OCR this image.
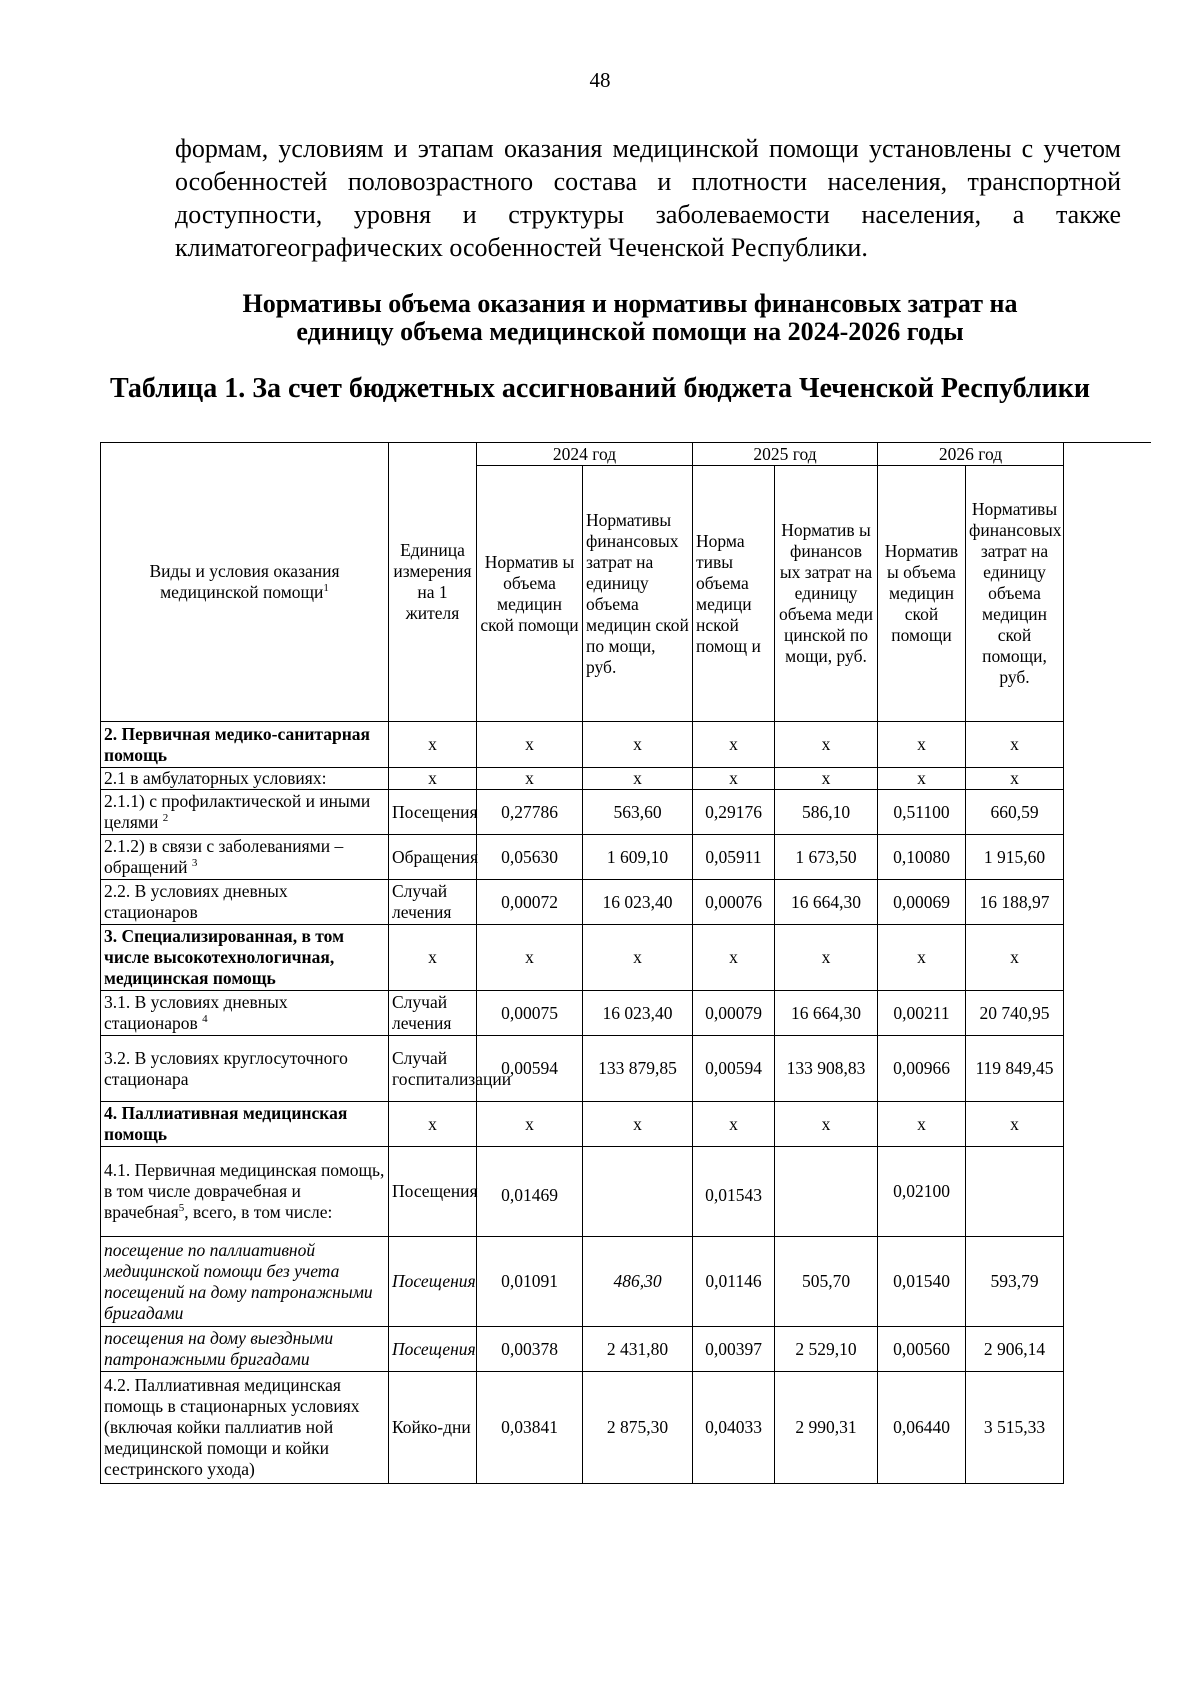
48
формам, условиям и этапам оказания медицинской помощи установлены с учетом особенностей половозрастного состава и плотности населения, транспортной доступности, уровня и структуры заболеваемости населения, а также климатогеографических особенностей Чеченской Республики.
Нормативы объема оказания и нормативы финансовых затрат на
единицу объема медицинской помощи на 2024-2026 годы
Таблица 1. За счет бюджетных ассигнований бюджета Чеченской Республики
Виды и условия оказания медицинской помощи$^1$	Единица измерения на 1 жителя	2024 год		2025 год		2026 год		
		Норматив ы объема медицин ской помощи	Нормативы финансовых затрат на единицу объема медицин ской по мощи, руб.	Норма тивы объема медици нской помощ и	Норматив ы финансов ых затрат на единицу объема меди цинской по мощи, руб.	Норматив ы объема медицин ской помощи	Нормативы финансовых затрат на единицу объема медицин ской помощи, руб.	
2. Первичная медико-санитарная помощь	х	х	х	х	х	х	х	
2.1 в амбулаторных условиях:	х	х	х	х	х	х	х	
2.1.1) с профилактической и иными целями $^2$	Посещения	0,27786	563,60	0,29176	586,10	0,51100	660,59	
2.1.2) в связи с заболеваниями – обращений $^3$	Обращения	0,05630	1 609,10	0,05911	1 673,50	0,10080	1 915,60	
2.2. В условиях дневных стационаров	Случай лечения	0,00072	16 023,40	0,00076	16 664,30	0,00069	16 188,97	
3. Специализированная, в том числе высокотехнологичная, медицинская помощь	х	х	х	х	х	х	х	
3.1. В условиях дневных стационаров $^4$	Случай лечения	0,00075	16 023,40	0,00079	16 664,30	0,00211	20 740,95	
3.2. В условиях круглосуточного стационара	Случай госпитализации	0,00594	133 879,85	0,00594	133 908,83	0,00966	119 849,45	
4. Паллиативная медицинская помощь	х	х	х	х	х	х	х	
4.1. Первичная медицинская помощь, в том числе доврачебная и врачебная$^5$, всего, в том числе:	Посещения	0,01469		0,01543		0,02100		
посещение по паллиативной медицинской помощи без учета посещений на дому патронажными бригадами	Посещения	0,01091	486,30	0,01146	505,70	0,01540	593,79	
посещения на дому выездными патронажными бригадами	Посещения	0,00378	2 431,80	0,00397	2 529,10	0,00560	2 906,14	
4.2. Паллиативная медицинская помощь в стационарных условиях (включая койки паллиатив ной медицинской помощи и койки сестринского ухода)	Койко-дни	0,03841	2 875,30	0,04033	2 990,31	0,06440	3 515,33	
